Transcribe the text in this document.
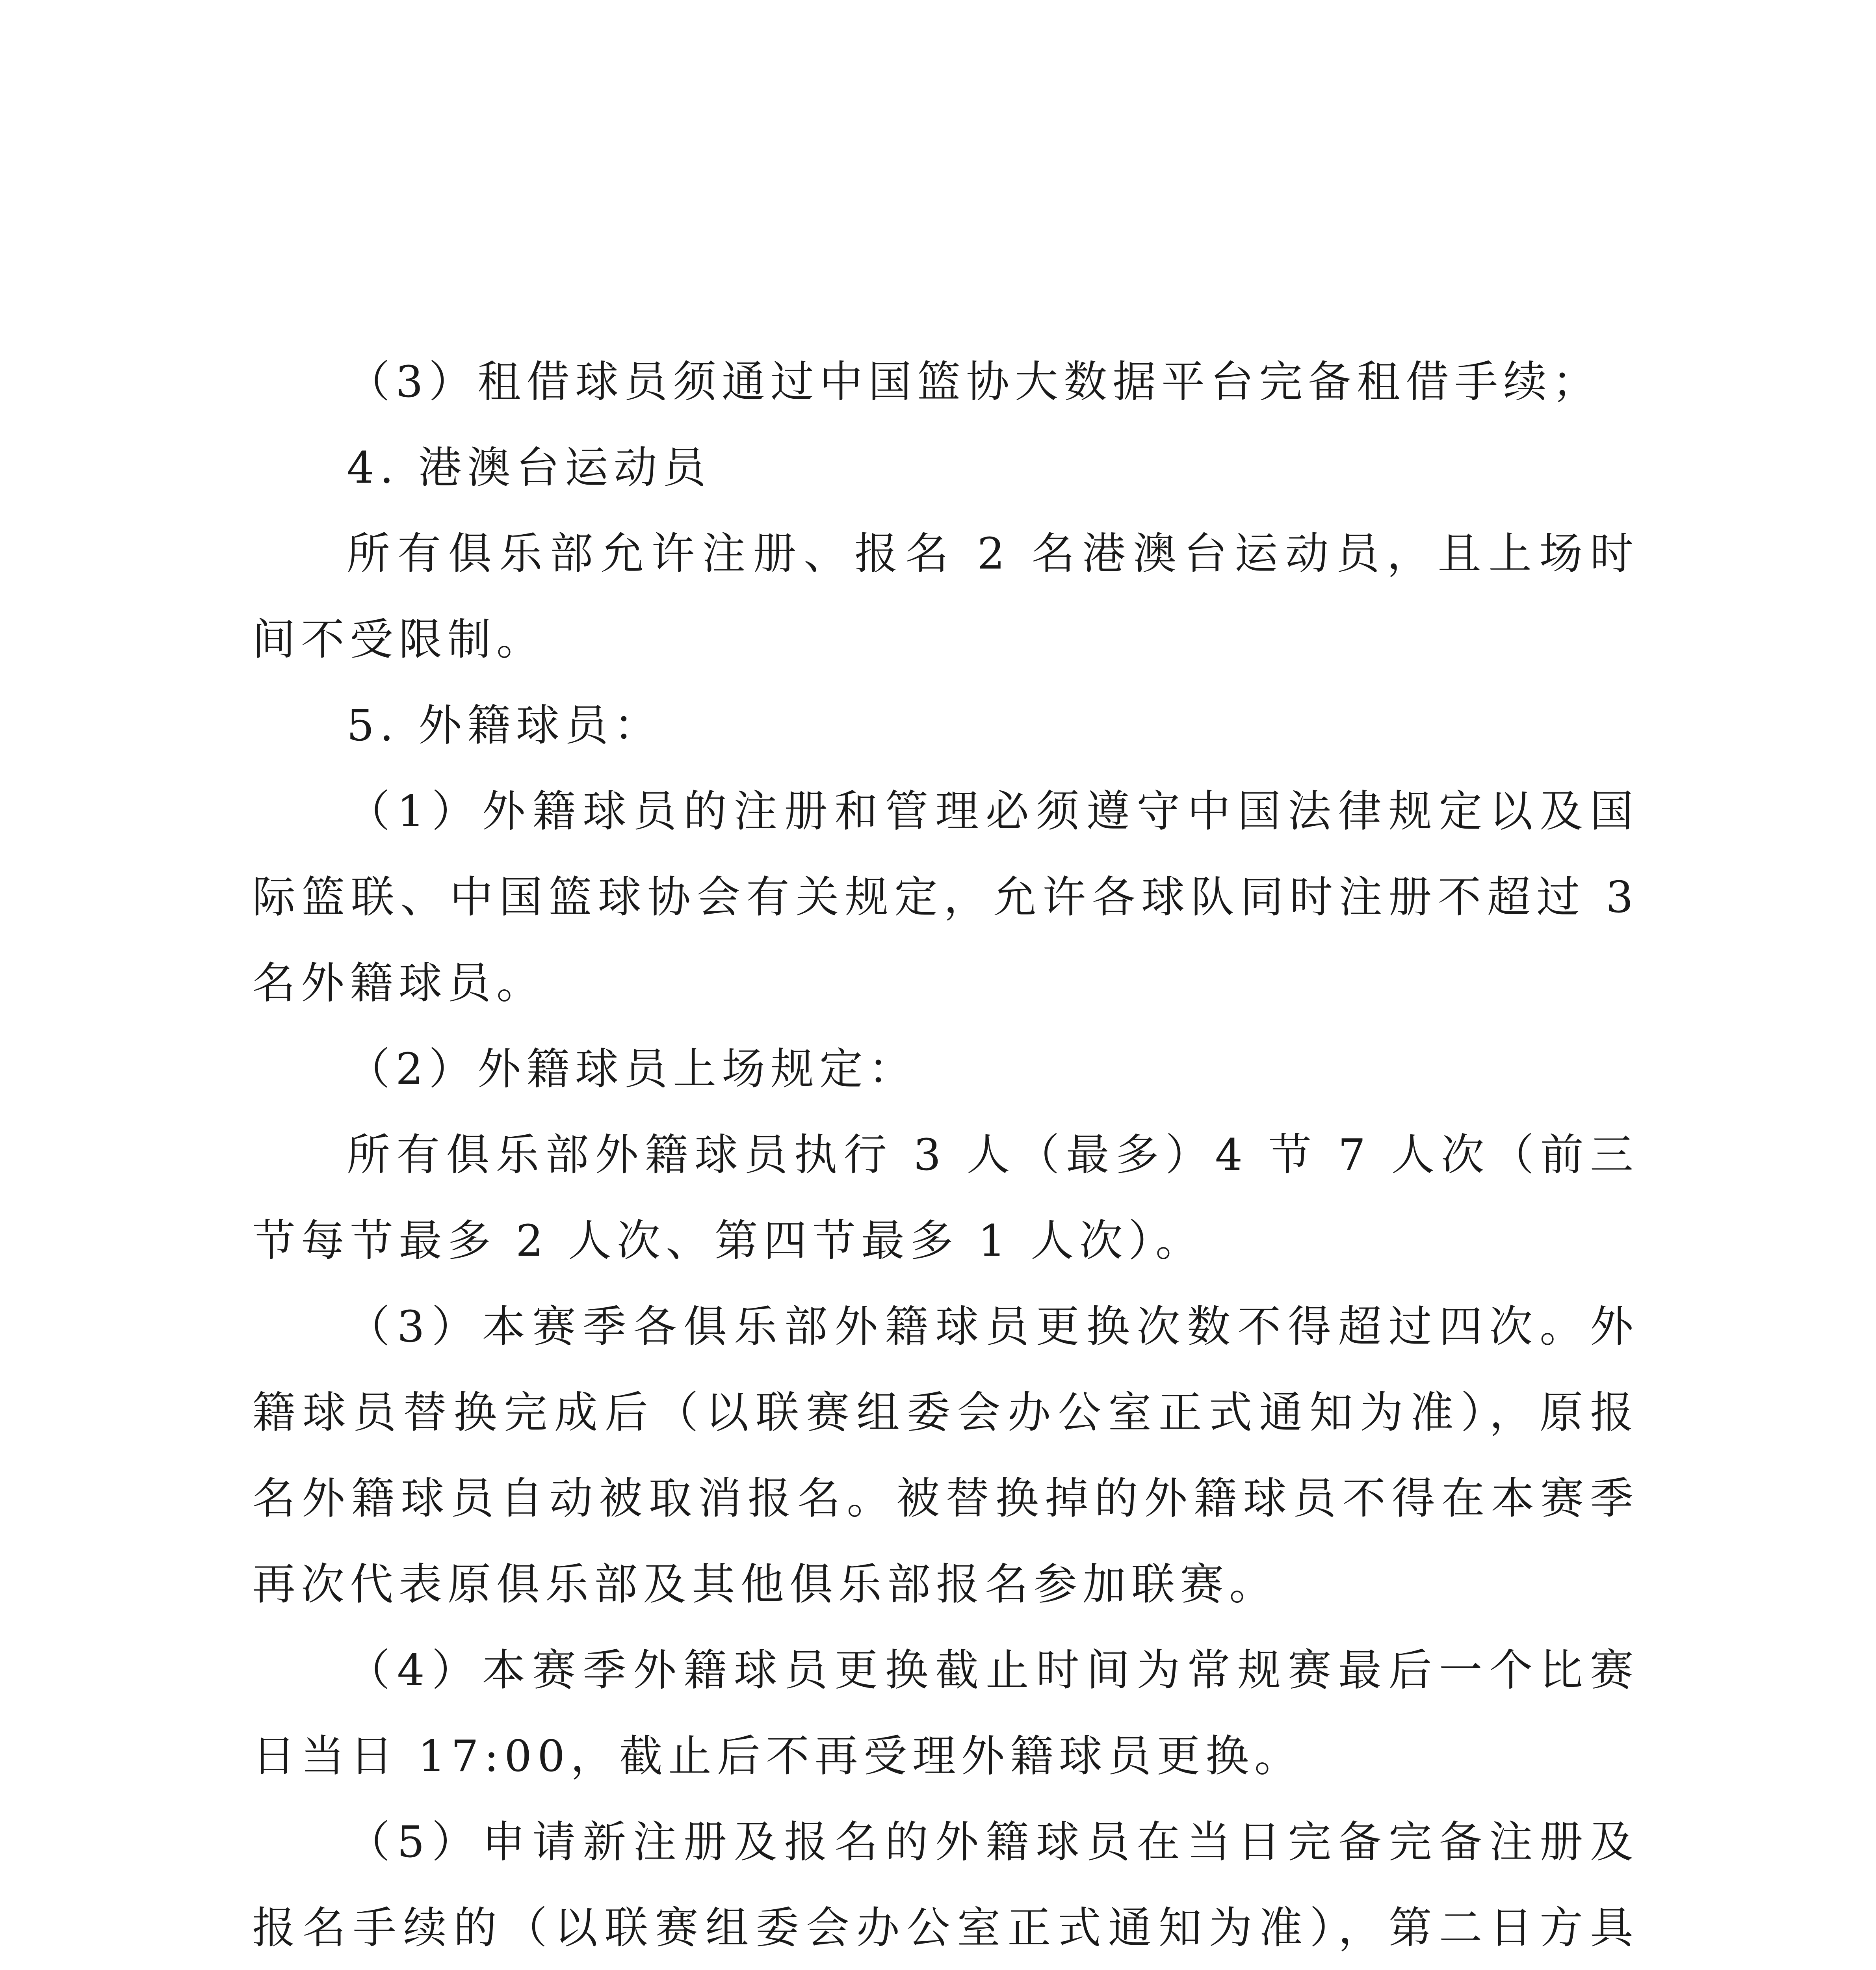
（3）租借球员须通过中国篮协大数据平台完备租借手续；

4. 港澳台运动员

所有俱乐部允许注册、报名 2 名港澳台运动员，且上场时间不受限制。

5. 外籍球员：

（1）外籍球员的注册和管理必须遵守中国法律规定以及国际篮联、中国篮球协会有关规定，允许各球队同时注册不超过 3 名外籍球员。

（2）外籍球员上场规定：

所有俱乐部外籍球员执行 3 人（最多）4 节 7 人次（前三节每节最多 2 人次、第四节最多 1 人次）。

（3）本赛季各俱乐部外籍球员更换次数不得超过四次。外籍球员替换完成后（以联赛组委会办公室正式通知为准），原报名外籍球员自动被取消报名。被替换掉的外籍球员不得在本赛季再次代表原俱乐部及其他俱乐部报名参加联赛。

（4）本赛季外籍球员更换截止时间为常规赛最后一个比赛日当日 17:00，截止后不再受理外籍球员更换。

（5）申请新注册及报名的外籍球员在当日完备完备注册及报名手续的（以联赛组委会办公室正式通知为准），第二日方具
